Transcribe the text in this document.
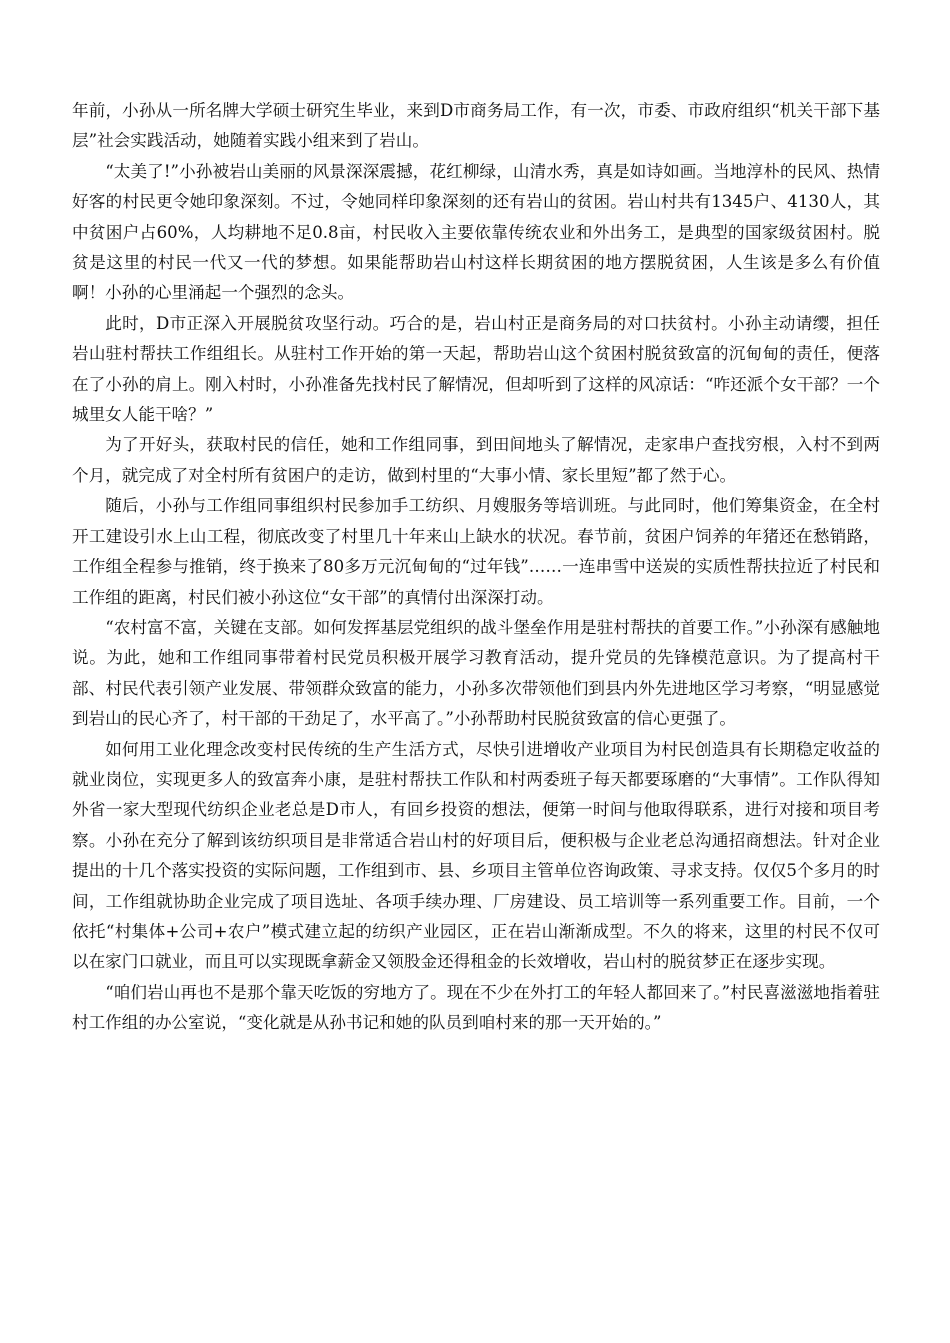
年前，小孙从一所名牌大学硕士研究生毕业，来到D市商务局工作，有一次，市委、市政府组织“机关干部下基层”社会实践活动，她随着实践小组来到了岩山。

“太美了!”小孙被岩山美丽的风景深深震撼，花红柳绿，山清水秀，真是如诗如画。当地淳朴的民风、热情好客的村民更令她印象深刻。不过，令她同样印象深刻的还有岩山的贫困。岩山村共有1345户、4130人，其中贫困户占60%，人均耕地不足0.8亩，村民收入主要依靠传统农业和外出务工，是典型的国家级贫困村。脱贫是这里的村民一代又一代的梦想。如果能帮助岩山村这样长期贫困的地方摆脱贫困，人生该是多么有价值啊！小孙的心里涌起一个强烈的念头。

此时，D市正深入开展脱贫攻坚行动。巧合的是，岩山村正是商务局的对口扶贫村。小孙主动请缨，担任岩山驻村帮扶工作组组长。从驻村工作开始的第一天起，帮助岩山这个贫困村脱贫致富的沉甸甸的责任，便落在了小孙的肩上。刚入村时，小孙准备先找村民了解情况，但却听到了这样的风凉话：“咋还派个女干部？一个城里女人能干啥？”

为了开好头，获取村民的信任，她和工作组同事，到田间地头了解情况，走家串户查找穷根，入村不到两个月，就完成了对全村所有贫困户的走访，做到村里的“大事小情、家长里短”都了然于心。

随后，小孙与工作组同事组织村民参加手工纺织、月嫂服务等培训班。与此同时，他们筹集资金，在全村开工建设引水上山工程，彻底改变了村里几十年来山上缺水的状况。春节前，贫困户饲养的年猪还在愁销路，工作组全程参与推销，终于换来了80多万元沉甸甸的“过年钱”……一连串雪中送炭的实质性帮扶拉近了村民和工作组的距离，村民们被小孙这位“女干部”的真情付出深深打动。

“农村富不富，关键在支部。如何发挥基层党组织的战斗堡垒作用是驻村帮扶的首要工作。”小孙深有感触地说。为此，她和工作组同事带着村民党员积极开展学习教育活动，提升党员的先锋模范意识。为了提高村干部、村民代表引领产业发展、带领群众致富的能力，小孙多次带领他们到县内外先进地区学习考察，“明显感觉到岩山的民心齐了，村干部的干劲足了，水平高了。”小孙帮助村民脱贫致富的信心更强了。

如何用工业化理念改变村民传统的生产生活方式，尽快引进增收产业项目为村民创造具有长期稳定收益的就业岗位，实现更多人的致富奔小康，是驻村帮扶工作队和村两委班子每天都要琢磨的“大事情”。工作队得知外省一家大型现代纺织企业老总是D市人，有回乡投资的想法，便第一时间与他取得联系，进行对接和项目考察。小孙在充分了解到该纺织项目是非常适合岩山村的好项目后，便积极与企业老总沟通招商想法。针对企业提出的十几个落实投资的实际问题，工作组到市、县、乡项目主管单位咨询政策、寻求支持。仅仅5个多月的时间，工作组就协助企业完成了项目选址、各项手续办理、厂房建设、员工培训等一系列重要工作。目前，一个依托“村集体+公司+农户”模式建立起的纺织产业园区，正在岩山渐渐成型。不久的将来，这里的村民不仅可以在家门口就业，而且可以实现既拿薪金又领股金还得租金的长效增收，岩山村的脱贫梦正在逐步实现。

“咱们岩山再也不是那个靠天吃饭的穷地方了。现在不少在外打工的年轻人都回来了。”村民喜滋滋地指着驻村工作组的办公室说，“变化就是从孙书记和她的队员到咱村来的那一天开始的。”
